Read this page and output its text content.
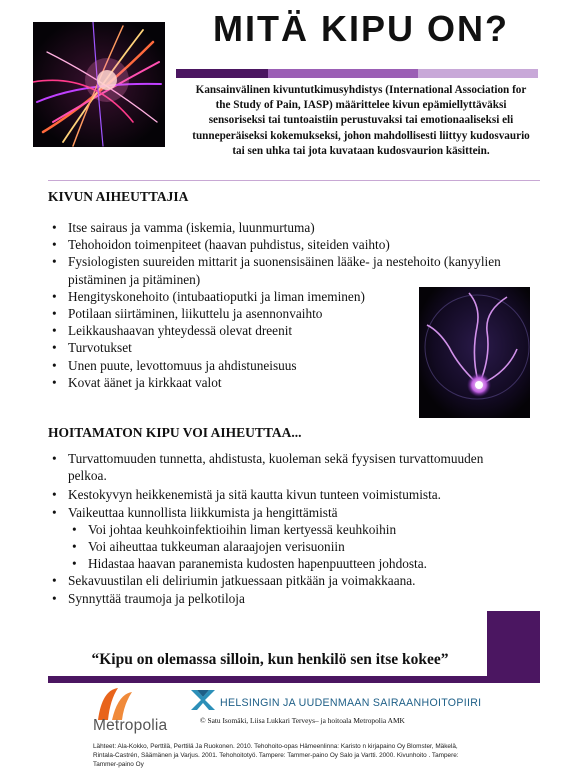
MITÄ KIPU ON?
Kansainvälinen kivuntutkimusyhdistys (International Association for the Study of Pain, IASP) määrittelee kivun epämiellyttäväksi sensoriseksi tai tuntoaistiin perustuvaksi tai emotionaaliseksi eli tunneperäiseksi kokemukseksi, johon mahdollisesti liittyy kudosvaurio tai sen uhka tai jota kuvataan kudosvaurion käsittein.
KIVUN AIHEUTTAJIA
• Itse sairaus ja vamma (iskemia, luunmurtuma)
• Tehohoidon toimenpiteet (haavan puhdistus, siteiden vaihto)
• Fysiologisten suureiden mittarit ja suonensisäinen lääke- ja nestehoito (kanyylien pistäminen ja pitäminen)
• Hengityskonehoito (intubaatioputki ja liman imeminen)
• Potilaan siirtäminen, liikuttelu ja asennonvaihto
• Leikkaushaavan yhteydessä olevat dreenit
• Turvotukset
• Unen puute, levottomuus ja ahdistuneisuus
• Kovat äänet ja kirkkaat valot
HOITAMATON KIPU VOI AIHEUTTAA...
• Turvattomuuden tunnetta, ahdistusta, kuoleman sekä fyysisen turvattomuuden pelkoa.
• Kestokyvyn heikkenemistä ja sitä kautta kivun tunteen voimistumista.
• Vaikeuttaa kunnollista liikkumista ja hengittämistä
• Voi johtaa keuhkoinfektioihin liman kertyessä keuhkoihin
• Voi aiheuttaa tukkeuman alaraajojen verisuoniin
• Hidastaa haavan paranemista kudosten hapenpuutteen johdosta.
• Sekavuustilan eli deliriumin jatkuessaan pitkään ja voimakkaana.
• Synnyttää traumoja ja pelkotiloja
“Kipu on olemassa silloin, kun henkilö sen itse kokee”
Metropolia
HELSINGIN JA UUDENMAAN SAIRAANHOITOPIIRI
© Satu Isomäki, Liisa Lukkari Terveys– ja hoitoala Metropolia AMK
Lähteet: Ala-Kokko, Perttilä, Perttilä Ja Ruokonen. 2010. Tehohoito-opas Hämeenlinna: Karisto n kirjapaino Oy Blomster, Mäkelä, Rintala-Castrén, Säämänen ja Varjus. 2001. Tehohoitotyö. Tampere: Tammer-paino Oy Salo ja Vartti. 2000. Kivunhoito . Tampere: Tammer-paino Oy
